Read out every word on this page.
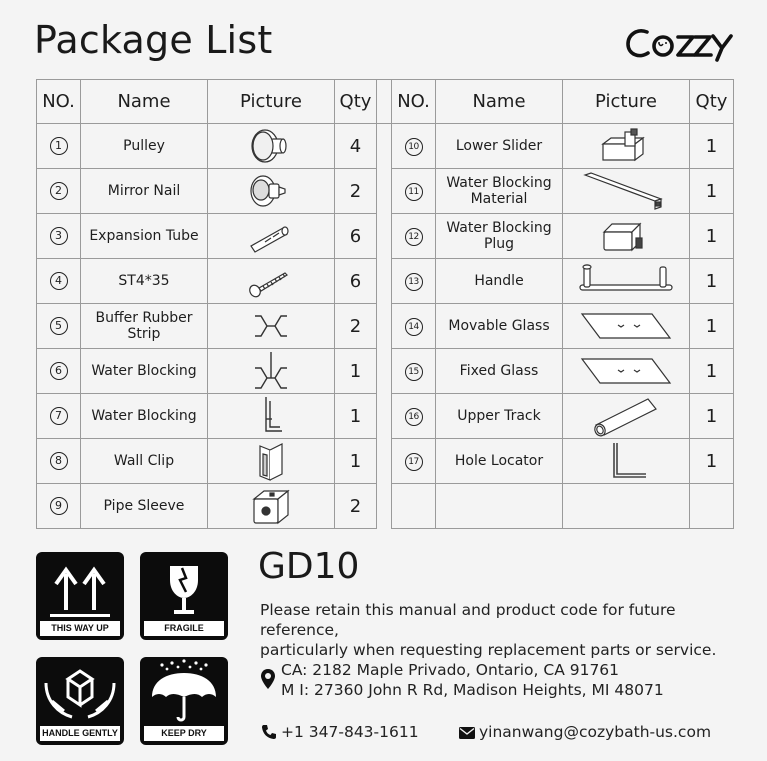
Package List
NO.	Name	Picture	Qty		NO.	Name	Picture	Qty
1	Pulley		4		10	Lower Slider		1
2	Mirror Nail		2		11	Water Blocking Material		1
3	Expansion Tube		6		12	Water Blocking Plug		1
4	ST4*35		6		13	Handle		1
5	Buffer Rubber Strip		2		14	Movable Glass		1
6	Water Blocking		1		15	Fixed Glass		1
7	Water Blocking		1		16	Upper Track		1
8	Wall Clip		1		17	Hole Locator		1
9	Pipe Sleeve		2					
THIS WAY UP	FRAGILE
HANDLE GENTLY	KEEP DRY
GD10
Please retain this manual and product code for future reference,
particularly when requesting replacement parts or service.
CA: 2182 Maple Privado, Ontario, CA 91761
M I: 27360 John R Rd, Madison Heights, MI 48071
+1 347-843-1611	yinanwang@cozybath-us.com
